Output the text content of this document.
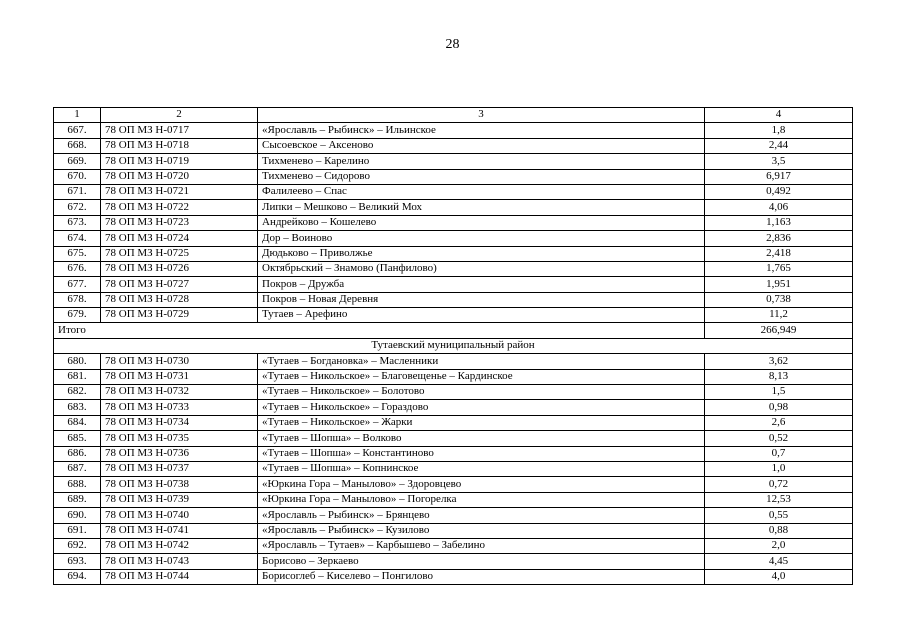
28
1	2	3	4
667.	78 ОП МЗ Н-0717	«Ярославль – Рыбинск» – Ильинское	1,8
668.	78 ОП МЗ Н-0718	Сысоевское – Аксеново	2,44
669.	78 ОП МЗ Н-0719	Тихменево – Карелино	3,5
670.	78 ОП МЗ Н-0720	Тихменево – Сидорово	6,917
671.	78 ОП МЗ Н-0721	Фалилеево – Спас	0,492
672.	78 ОП МЗ Н-0722	Липки – Мешково – Великий Мох	4,06
673.	78 ОП МЗ Н-0723	Андрейково – Кошелево	1,163
674.	78 ОП МЗ Н-0724	Дор – Воиново	2,836
675.	78 ОП МЗ Н-0725	Дюдьково – Приволжье	2,418
676.	78 ОП МЗ Н-0726	Октябрьский – Знамово (Панфилово)	1,765
677.	78 ОП МЗ Н-0727	Покров – Дружба	1,951
678.	78 ОП МЗ Н-0728	Покров – Новая Деревня	0,738
679.	78 ОП МЗ Н-0729	Тутаев – Арефино	11,2
Итого			266,949
Тутаевский муниципальный район			
680.	78 ОП МЗ Н-0730	«Тутаев – Богдановка» – Масленники	3,62
681.	78 ОП МЗ Н-0731	«Тутаев – Никольское» – Благовещенье – Кардинское	8,13
682.	78 ОП МЗ Н-0732	«Тутаев – Никольское» – Болотово	1,5
683.	78 ОП МЗ Н-0733	«Тутаев – Никольское» – Гораздово	0,98
684.	78 ОП МЗ Н-0734	«Тутаев – Никольское» – Жарки	2,6
685.	78 ОП МЗ Н-0735	«Тутаев – Шопша» – Волково	0,52
686.	78 ОП МЗ Н-0736	«Тутаев – Шопша» – Константиново	0,7
687.	78 ОП МЗ Н-0737	«Тутаев – Шопша» – Копнинское	1,0
688.	78 ОП МЗ Н-0738	«Юркина Гора – Манылово» – Здоровцево	0,72
689.	78 ОП МЗ Н-0739	«Юркина Гора – Манылово» – Погорелка	12,53
690.	78 ОП МЗ Н-0740	«Ярославль – Рыбинск» – Брянцево	0,55
691.	78 ОП МЗ Н-0741	«Ярославль – Рыбинск» – Кузилово	0,88
692.	78 ОП МЗ Н-0742	«Ярославль – Тутаев» – Карбышево – Забелино	2,0
693.	78 ОП МЗ Н-0743	Борисово – Зеркаево	4,45
694.	78 ОП МЗ Н-0744	Борисоглеб – Киселево – Понгилово	4,0
